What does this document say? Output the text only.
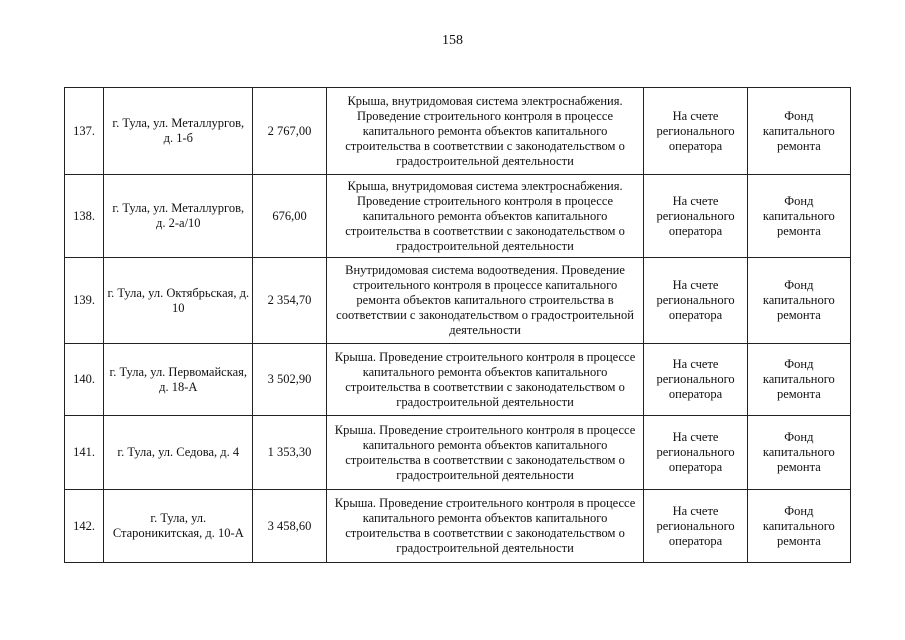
158
137.	г. Тула, ул. Металлургов, д. 1-б	2 767,00	Крыша, внутридомовая система электроснабжения. Проведение строительного контроля в процессе капитального ремонта объектов капитального строительства в соответствии с законодательством о градостроительной деятельности	На счете регионального оператора	Фонд капитального ремонта
138.	г. Тула, ул. Металлургов, д. 2-а/10	676,00	Крыша, внутридомовая система электроснабжения. Проведение строительного контроля в процессе капитального ремонта объектов капитального строительства в соответствии с законодательством о градостроительной деятельности	На счете регионального оператора	Фонд капитального ремонта
139.	г. Тула, ул. Октябрьская, д. 10	2 354,70	Внутридомовая система водоотведения. Проведение строительного контроля в процессе капитального ремонта объектов капитального строительства в соответствии с законодательством о градостроительной деятельности	На счете регионального оператора	Фонд капитального ремонта
140.	г. Тула, ул. Первомайская, д. 18-А	3 502,90	Крыша. Проведение строительного контроля в процессе капитального ремонта объектов капитального строительства в соответствии с законодательством о градостроительной деятельности	На счете регионального оператора	Фонд капитального ремонта
141.	г. Тула, ул. Седова, д. 4	1 353,30	Крыша. Проведение строительного контроля в процессе капитального ремонта объектов капитального строительства в соответствии с законодательством о градостроительной деятельности	На счете регионального оператора	Фонд капитального ремонта
142.	г. Тула, ул. Староникитская, д. 10-А	3 458,60	Крыша. Проведение строительного контроля в процессе капитального ремонта объектов капитального строительства в соответствии с законодательством о градостроительной деятельности	На счете регионального оператора	Фонд капитального ремонта
